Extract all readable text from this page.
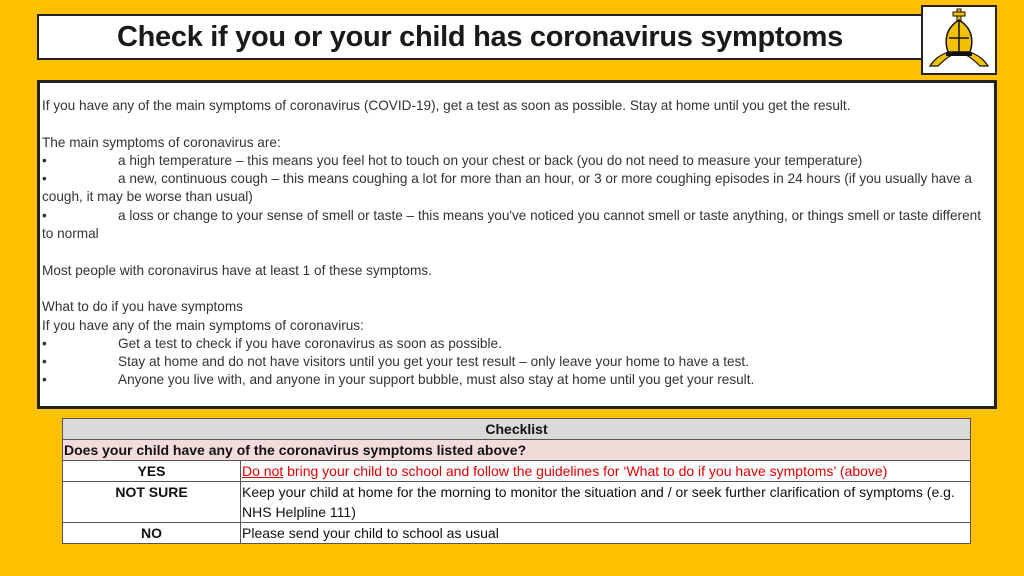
Check if you or your child has coronavirus symptoms

If you have any of the main symptoms of coronavirus (COVID-19), get a test as soon as possible. Stay at home until you get the result.

The main symptoms of coronavirus are:

•	a high temperature – this means you feel hot to touch on your chest or back (you do not need to measure your temperature)

•	a new, continuous cough – this means coughing a lot for more than an hour, or 3 or more coughing episodes in 24 hours (if you usually have a cough, it may be worse than usual)

•	a loss or change to your sense of smell or taste – this means you've noticed you cannot smell or taste anything, or things smell or taste different to normal

Most people with coronavirus have at least 1 of these symptoms.

What to do if you have symptoms

If you have any of the main symptoms of coronavirus:

•	Get a test to check if you have coronavirus as soon as possible.

•	Stay at home and do not have visitors until you get your test result – only leave your home to have a test.

•	Anyone you live with, and anyone in your support bubble, must also stay at home until you get your result.

Checklist	
Does your child have any of the coronavirus symptoms listed above?	
YES	Do not bring your child to school and follow the guidelines for ‘What to do if you have symptoms’ (above)
NOT SURE	Keep your child at home for the morning to monitor the situation and / or seek further clarification of symptoms (e.g. NHS Helpline 111)
NO	Please send your child to school as usual
